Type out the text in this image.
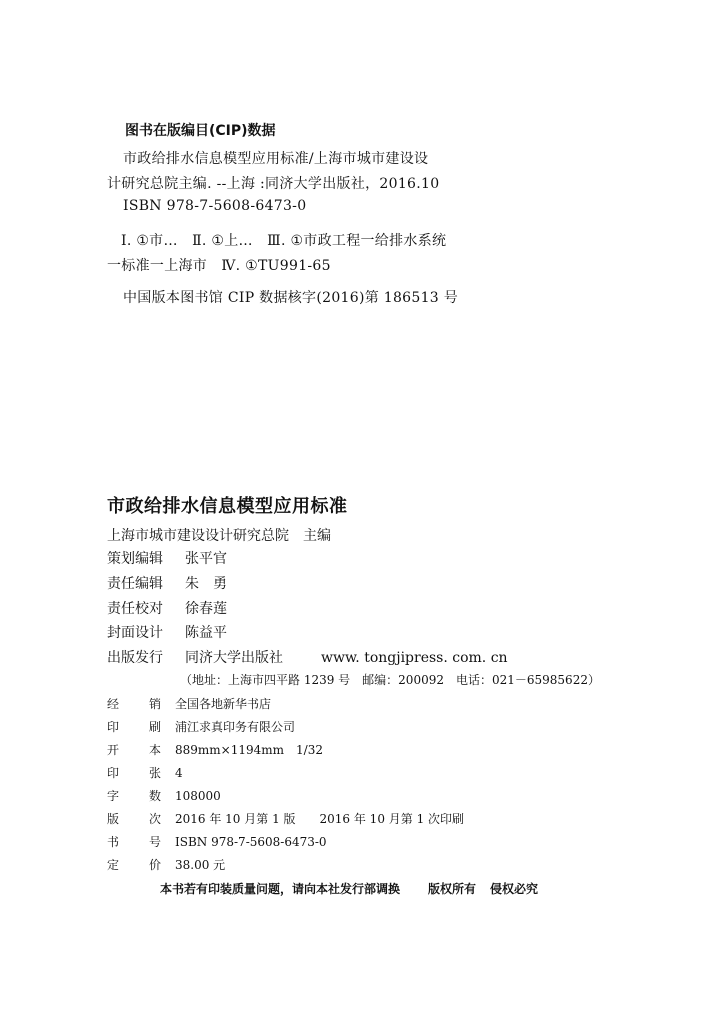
图书在版编目(CIP)数据
市政给排水信息模型应用标准/上海市城市建设设
计研究总院主编. --上海 :同济大学出版社，2016.10
ISBN 978-7-5608-6473-0
Ⅰ. ①市…　Ⅱ. ①上…　Ⅲ. ①市政工程一给排水系统
一标准一上海市　Ⅳ. ①TU991-65
中国版本图书馆 CIP 数据核字(2016)第 186513 号
市政给排水信息模型应用标准
上海市城市建设设计研究总院　主编
策划编辑 张平官
责任编辑 朱　勇
责任校对 徐春莲
封面设计 陈益平
出版发行 同济大学出版社	www. tongjipress. com. cn
（地址：上海市四平路 1239 号　邮编：200092　电话：021－65985622）
经 销 全国各地新华书店
印 刷 浦江求真印务有限公司
开 本 889mm×1194mm　1/32
印 张 4
字 数 108000
版 次 2016 年 10 月第 1 版　　2016 年 10 月第 1 次印刷
书 号 ISBN 978-7-5608-6473-0
定 价 38.00 元
本书若有印装质量问题，请向本社发行部调换 版权所有 侵权必究
